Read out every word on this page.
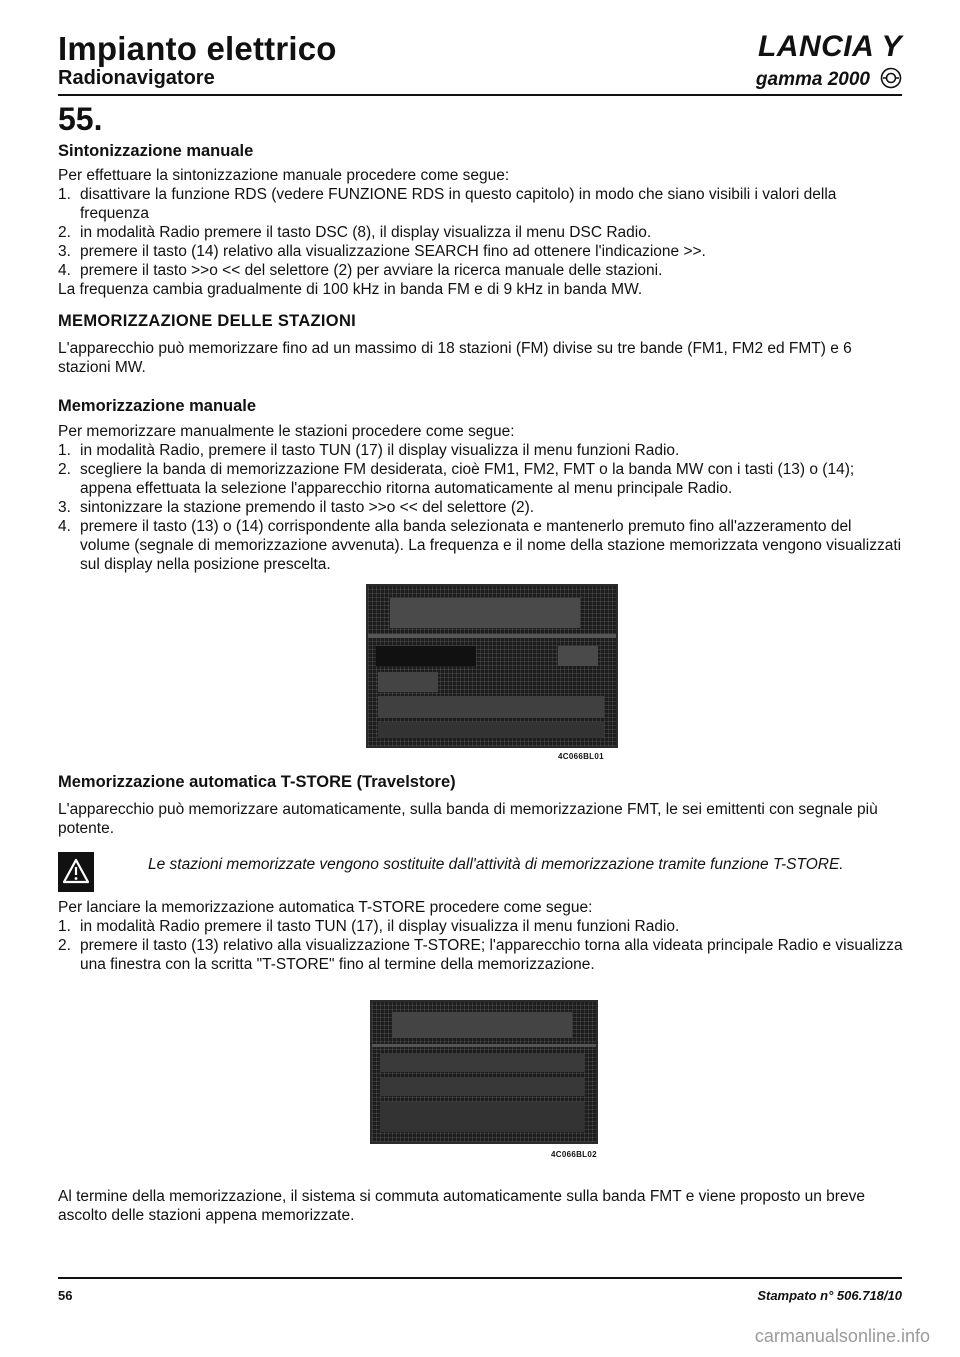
Impianto elettrico
Radionavigatore
LANCIA Y
gamma 2000
55.

Sintonizzazione manuale

Per effettuare la sintonizzazione manuale procedere come segue:

1. disattivare la funzione RDS (vedere FUNZIONE RDS in questo capitolo) in modo che siano visibili i valori della frequenza
2. in modalità Radio premere il tasto DSC (8), il display visualizza il menu DSC Radio.
3. premere il tasto (14) relativo alla visualizzazione SEARCH fino ad ottenere l'indicazione >>.
4. premere il tasto >>o << del selettore (2) per avviare la ricerca manuale delle stazioni.

La frequenza cambia gradualmente di 100 kHz in banda FM e di 9 kHz in banda MW.

MEMORIZZAZIONE DELLE STAZIONI

L'apparecchio può memorizzare fino ad un massimo di 18 stazioni (FM) divise su tre bande (FM1, FM2 ed FMT) e 6 stazioni MW.

Memorizzazione manuale

Per memorizzare manualmente le stazioni procedere come segue:

1. in modalità Radio, premere il tasto TUN (17) il display visualizza il menu funzioni Radio.
2. scegliere la banda di memorizzazione FM desiderata, cioè FM1, FM2, FMT o la banda MW con i tasti (13) o (14); appena effettuata la selezione l'apparecchio ritorna automaticamente al menu principale Radio.
3. sintonizzare la stazione premendo il tasto >>o << del selettore (2).
4. premere il tasto (13) o (14) corrispondente alla banda selezionata e mantenerlo premuto fino all'azzeramento del volume (segnale di memorizzazione avvenuta). La frequenza e il nome della stazione memorizzata vengono visualizzati sul display nella posizione prescelta.
4C066BL01

Memorizzazione automatica T-STORE (Travelstore)

L'apparecchio può memorizzare automaticamente, sulla banda di memorizzazione FMT, le sei emittenti con segnale più potente.

Le stazioni memorizzate vengono sostituite dall'attività di memorizzazione tramite funzione T-STORE.

Per lanciare la memorizzazione automatica T-STORE procedere come segue:

1. in modalità Radio premere il tasto TUN (17), il display visualizza il menu funzioni Radio.
2. premere il tasto (13) relativo alla visualizzazione T-STORE; l'apparecchio torna alla videata principale Radio e visualizza una finestra con la scritta "T-STORE" fino al termine della memorizzazione.
4C066BL02

Al termine della memorizzazione, il sistema si commuta automaticamente sulla banda FMT e viene proposto un breve ascolto delle stazioni appena memorizzate.

56	Stampato n° 506.718/10
carmanualsonline.info
